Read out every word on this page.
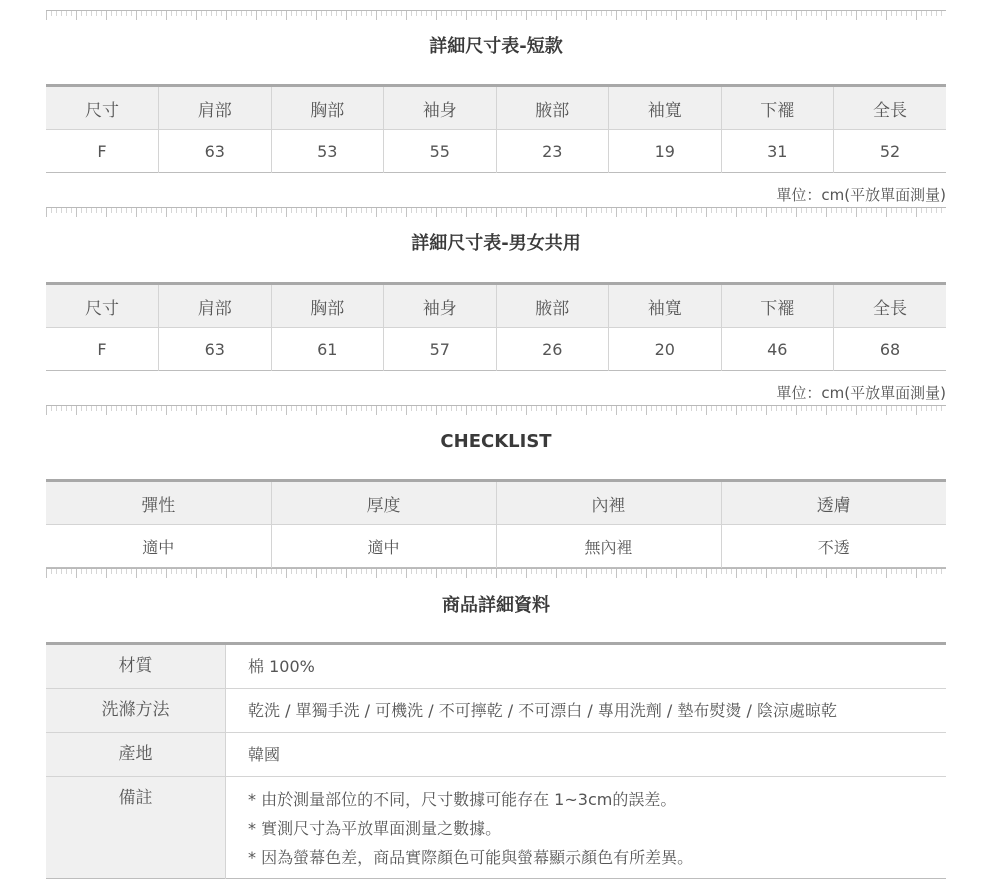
詳細尺寸表-短款
尺寸	肩部	胸部	袖身	腋部	袖寬	下襬	全長
F	63	53	55	23	19	31	52
單位：cm(平放單面測量)
詳細尺寸表-男女共用
尺寸	肩部	胸部	袖身	腋部	袖寬	下襬	全長
F	63	61	57	26	20	46	68
單位：cm(平放單面測量)
CHECKLIST
彈性	厚度	內裡	透膚
適中	適中	無內裡	不透
商品詳細資料
材質	棉 100%
洗滌方法	乾洗 / 單獨手洗 / 可機洗 / 不可擰乾 / 不可漂白 / 專用洗劑 / 墊布熨燙 / 陰涼處晾乾
產地	韓國
備註	* 由於測量部位的不同，尺寸數據可能存在 1~3cm的誤差。
* 實測尺寸為平放單面測量之數據。
* 因為螢幕色差，商品實際顏色可能與螢幕顯示顏色有所差異。
